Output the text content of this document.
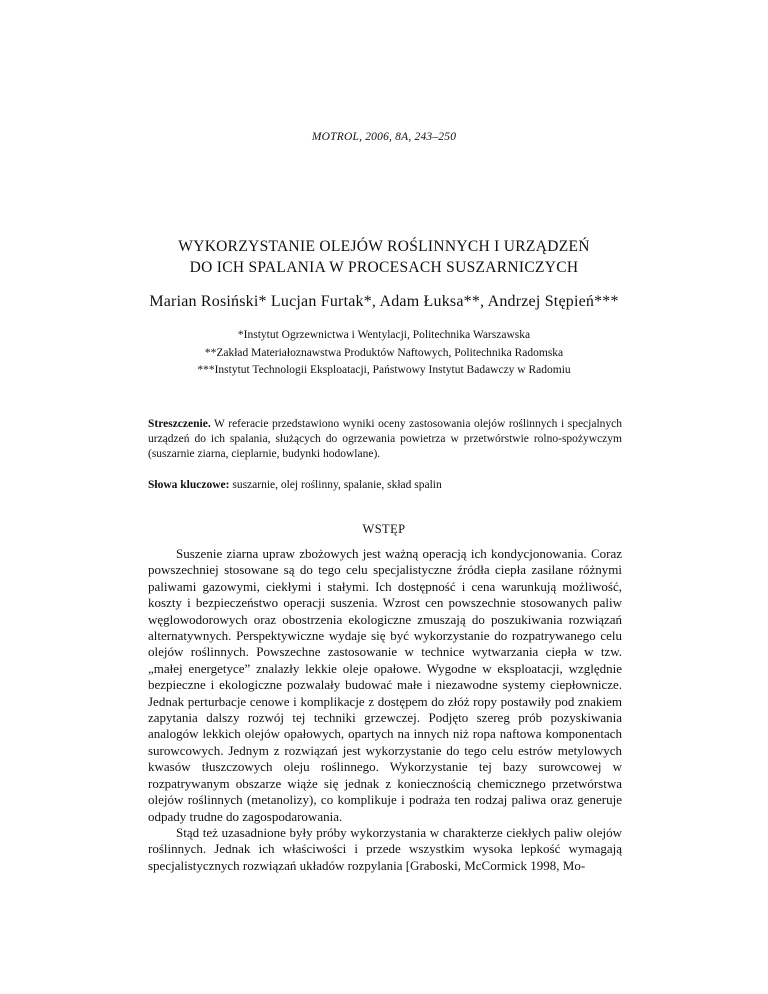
MOTROL, 2006, 8A, 243–250
WYKORZYSTANIE OLEJÓW ROŚLINNYCH I URZĄDZEŃ
DO ICH SPALANIA W PROCESACH SUSZARNICZYCH
Marian Rosiński* Lucjan Furtak*, Adam Łuksa**, Andrzej Stępień***
*Instytut Ogrzewnictwa i Wentylacji, Politechnika Warszawska
**Zakład Materiałoznawstwa Produktów Naftowych, Politechnika Radomska
***Instytut Technologii Eksploatacji, Państwowy Instytut Badawczy w Radomiu
Streszczenie. W referacie przedstawiono wyniki oceny zastosowania olejów roślinnych i specjalnych urządzeń do ich spalania, służących do ogrzewania powietrza w przetwórstwie rolno-spożywczym (suszarnie ziarna, cieplarnie, budynki hodowlane).
Słowa kluczowe: suszarnie, olej roślinny, spalanie, skład spalin
WSTĘP

Suszenie ziarna upraw zbożowych jest ważną operacją ich kondycjonowania. Coraz powszechniej stosowane są do tego celu specjalistyczne źródła ciepła zasilane różnymi paliwami gazowymi, ciekłymi i stałymi. Ich dostępność i cena warunkują możliwość, koszty i bezpieczeństwo operacji suszenia. Wzrost cen powszechnie stosowanych paliw węglowodorowych oraz obostrzenia ekologiczne zmuszają do poszukiwania rozwiązań alternatywnych. Perspektywiczne wydaje się być wykorzystanie do rozpatrywanego celu olejów roślinnych. Powszechne zastosowanie w technice wytwarzania ciepła w tzw. „małej energetyce” znalazły lekkie oleje opałowe. Wygodne w eksploatacji, względnie bezpieczne i ekologiczne pozwalały budować małe i niezawodne systemy ciepłownicze. Jednak perturbacje cenowe i komplikacje z dostępem do złóż ropy postawiły pod znakiem zapytania dalszy rozwój tej techniki grzewczej. Podjęto szereg prób pozyskiwania analogów lekkich olejów opałowych, opartych na innych niż ropa naftowa komponentach surowcowych. Jednym z rozwiązań jest wykorzystanie do tego celu estrów metylowych kwasów tłuszczowych oleju roślinnego. Wykorzystanie tej bazy surowcowej w rozpatrywanym obszarze wiąże się jednak z koniecznością chemicznego przetwórstwa olejów roślinnych (metanolizy), co komplikuje i podraża ten rodzaj paliwa oraz generuje odpady trudne do zagospodarowania.

Stąd też uzasadnione były próby wykorzystania w charakterze ciekłych paliw olejów roślinnych. Jednak ich właściwości i przede wszystkim wysoka lepkość wymagają specjalistycznych rozwiązań układów rozpylania [Graboski, McCormick 1998, Mo-
